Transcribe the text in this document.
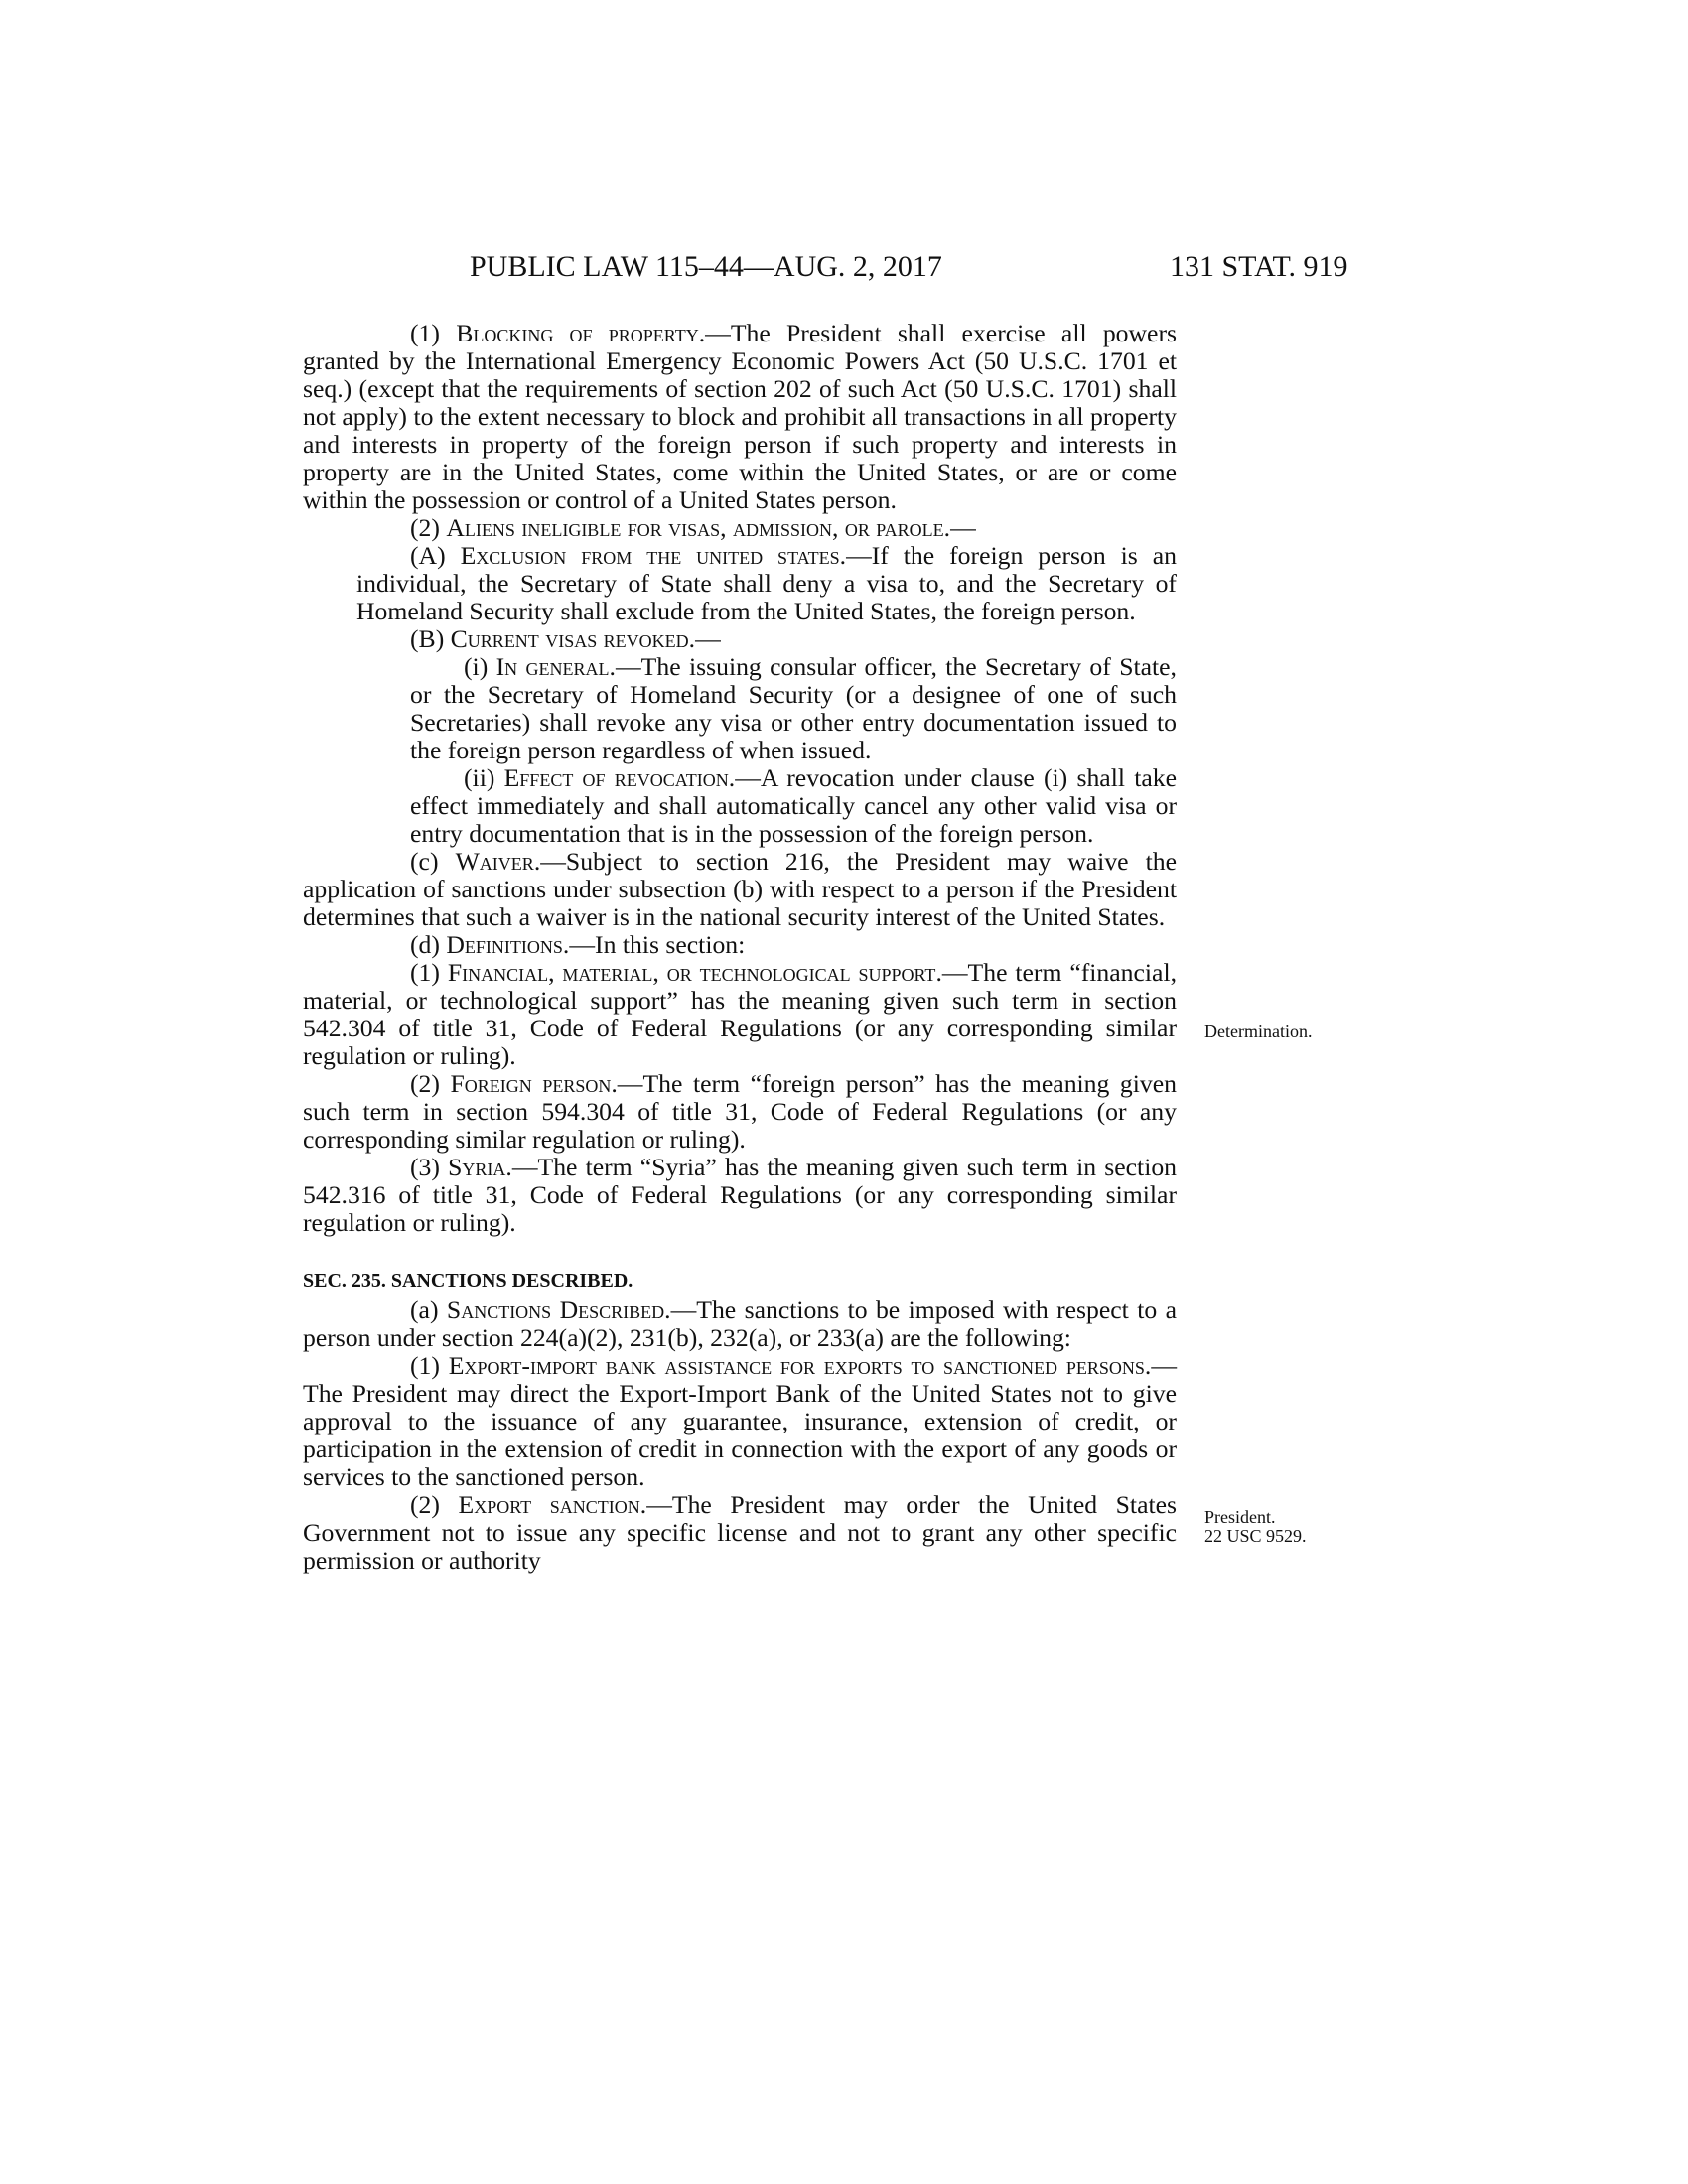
PUBLIC LAW 115–44—AUG. 2, 2017	131 STAT. 919

(1) Blocking of property.—The President shall exercise all powers granted by the International Emergency Economic Powers Act (50 U.S.C. 1701 et seq.) (except that the requirements of section 202 of such Act (50 U.S.C. 1701) shall not apply) to the extent necessary to block and prohibit all transactions in all property and interests in property of the foreign person if such property and interests in property are in the United States, come within the United States, or are or come within the possession or control of a United States person.

(2) Aliens ineligible for visas, admission, or parole.—

(A) Exclusion from the united states.—If the foreign person is an individual, the Secretary of State shall deny a visa to, and the Secretary of Homeland Security shall exclude from the United States, the foreign person.

(B) Current visas revoked.—

(i) In general.—The issuing consular officer, the Secretary of State, or the Secretary of Homeland Security (or a designee of one of such Secretaries) shall revoke any visa or other entry documentation issued to the foreign person regardless of when issued.

(ii) Effect of revocation.—A revocation under clause (i) shall take effect immediately and shall automatically cancel any other valid visa or entry documentation that is in the possession of the foreign person.

(c) Waiver.—Subject to section 216, the President may waive the application of sanctions under subsection (b) with respect to a person if the President determines that such a waiver is in the national security interest of the United States.

(d) Definitions.—In this section:

(1) Financial, material, or technological support.—The term “financial, material, or technological support” has the meaning given such term in section 542.304 of title 31, Code of Federal Regulations (or any corresponding similar regulation or ruling).

(2) Foreign person.—The term “foreign person” has the meaning given such term in section 594.304 of title 31, Code of Federal Regulations (or any corresponding similar regulation or ruling).

(3) Syria.—The term “Syria” has the meaning given such term in section 542.316 of title 31, Code of Federal Regulations (or any corresponding similar regulation or ruling).

SEC. 235. SANCTIONS DESCRIBED.

(a) Sanctions Described.—The sanctions to be imposed with respect to a person under section 224(a)(2), 231(b), 232(a), or 233(a) are the following:

(1) Export-import bank assistance for exports to sanctioned persons.—The President may direct the Export-Import Bank of the United States not to give approval to the issuance of any guarantee, insurance, extension of credit, or participation in the extension of credit in connection with the export of any goods or services to the sanctioned person.

(2) Export sanction.—The President may order the United States Government not to issue any specific license and not to grant any other specific permission or authority

Determination.
President.
22 USC 9529.
